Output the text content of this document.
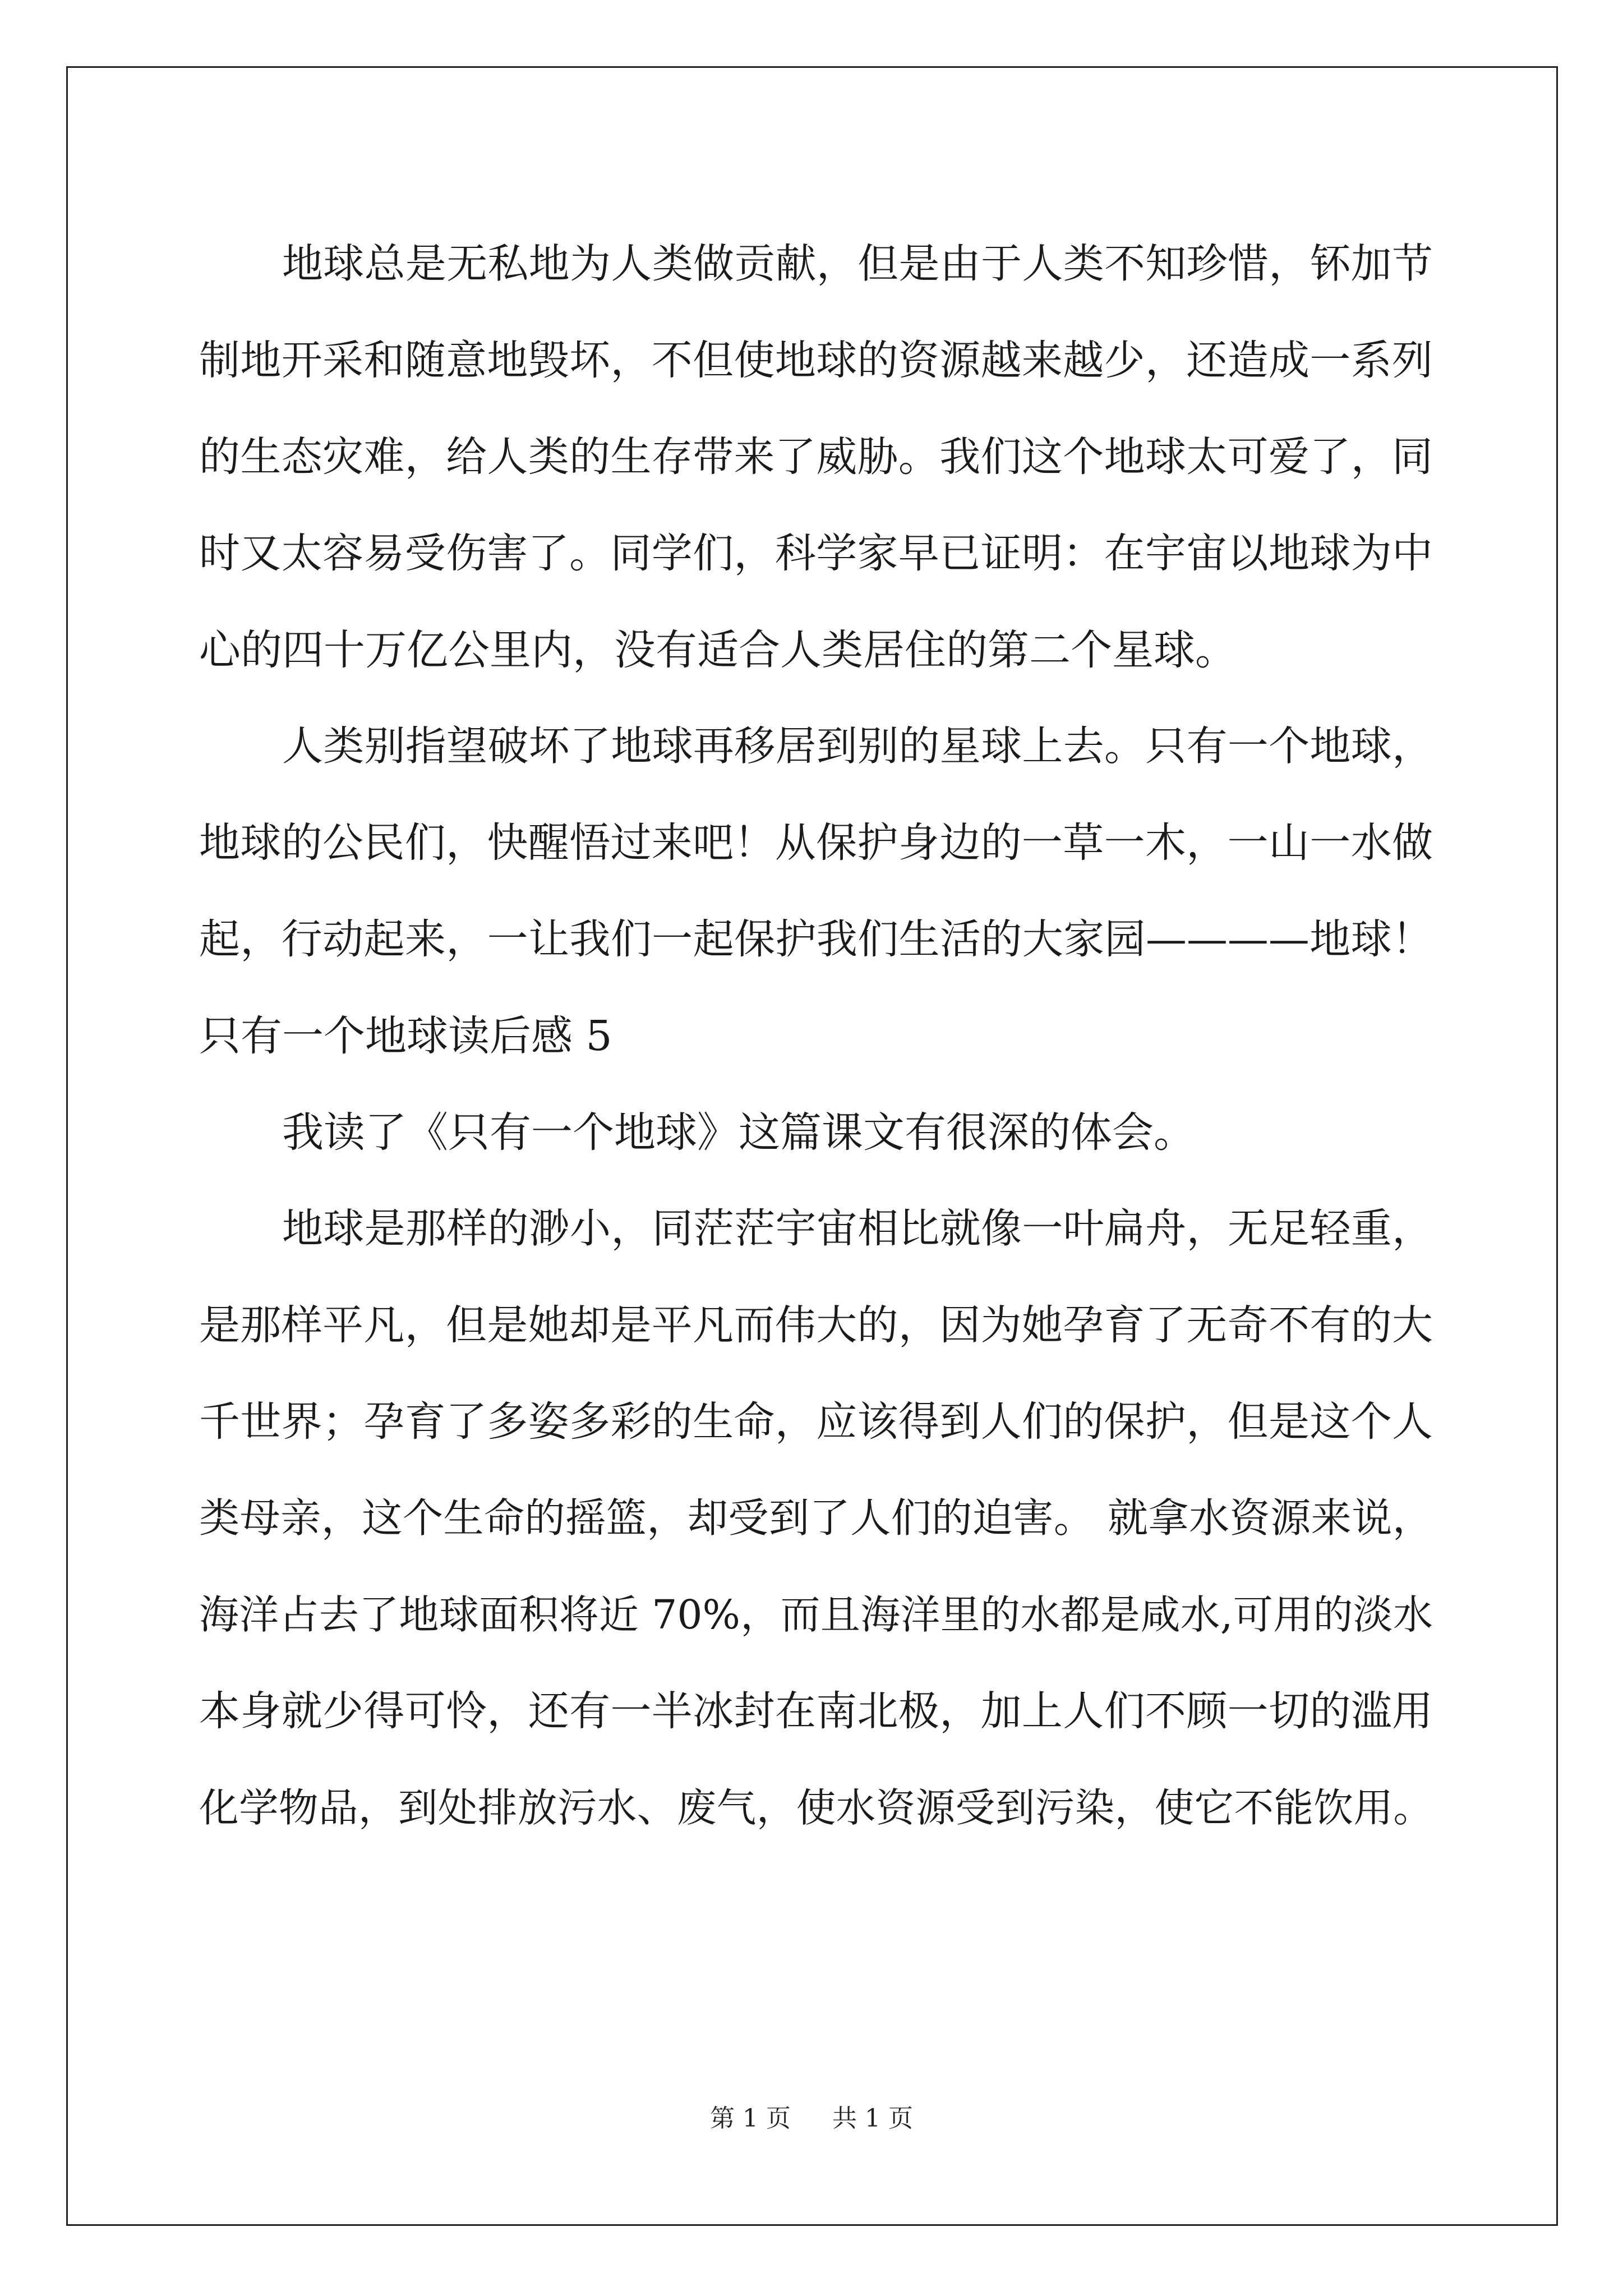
地球总是无私地为人类做贡献，但是由于人类不知珍惜，钚加节
制地开采和随意地毁坏，不但使地球的资源越来越少，还造成一系列
的生态灾难，给人类的生存带来了威胁。我们这个地球太可爱了，同
时又太容易受伤害了。同学们，科学家早已证明：在宇宙以地球为中
心的四十万亿公里内，没有适合人类居住的第二个星球。
人类别指望破坏了地球再移居到别的星球上去。只有一个地球，
地球的公民们，快醒悟过来吧！从保护身边的一草一木，一山一水做
起，行动起来，一让我们一起保护我们生活的大家园————地球！
只有一个地球读后感 5
我读了《只有一个地球》这篇课文有很深的体会。
地球是那样的渺小，同茫茫宇宙相比就像一叶扁舟，无足轻重，
是那样平凡，但是她却是平凡而伟大的，因为她孕育了无奇不有的大
千世界；孕育了多姿多彩的生命，应该得到人们的保护，但是这个人
类母亲，这个生命的摇篮，却受到了人们的迫害。 就拿水资源来说，
海洋占去了地球面积将近 70%，而且海洋里的水都是咸水,可用的淡水
本身就少得可怜，还有一半冰封在南北极，加上人们不顾一切的滥用
化学物品，到处排放污水、废气，使水资源受到污染，使它不能饮用。
第 1 页 共 1 页
